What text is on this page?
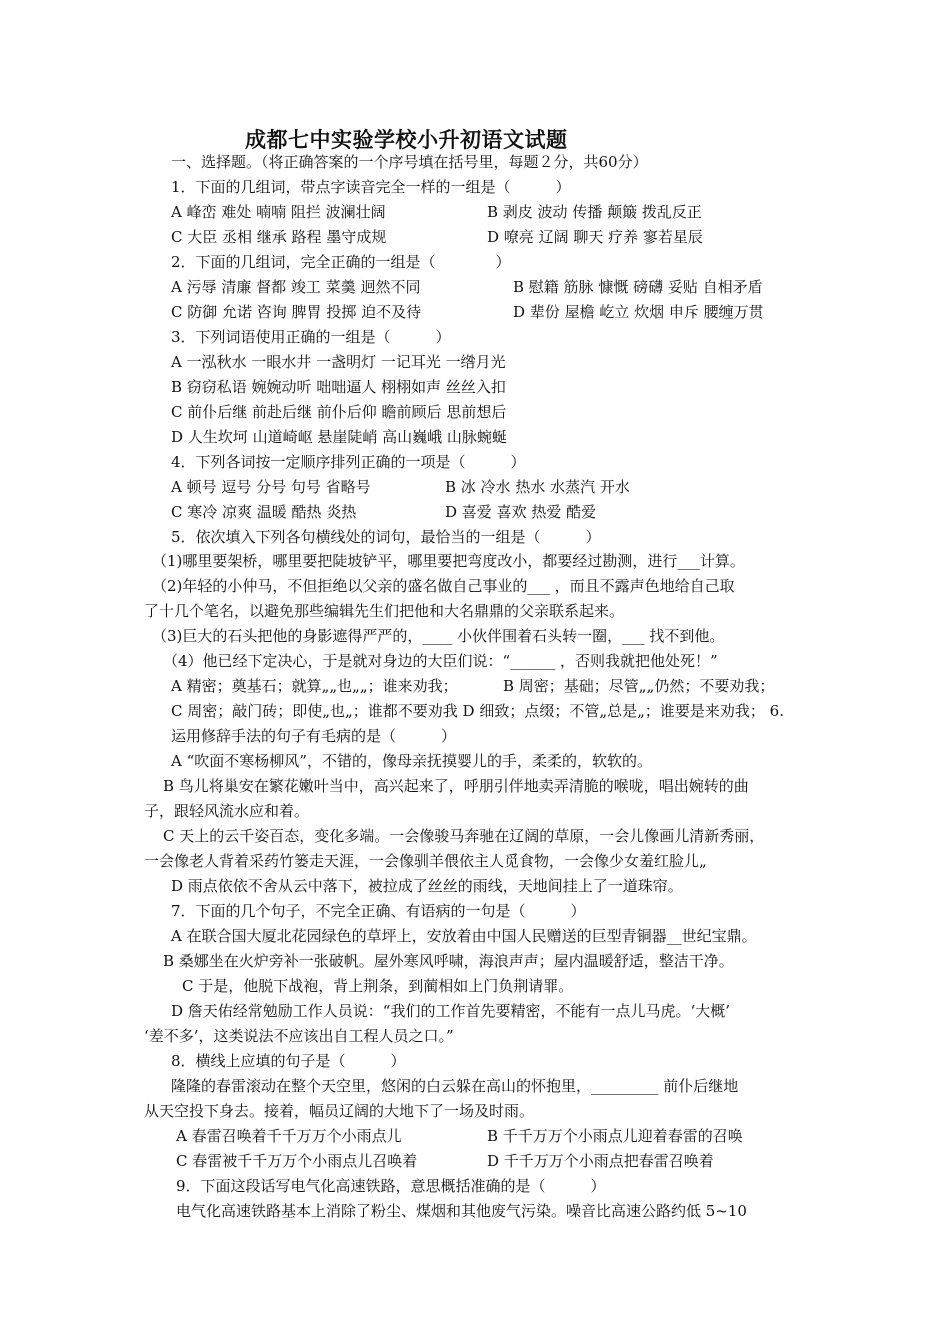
成都七中实验学校小升初语文试题
一、选择题。（将正确答案的一个序号填在括号里，每题２分，共60分）
1．下面的几组词，带点字读音完全一样的一组是（　　　）
A 峰峦 难处 喃喃 阻拦 波澜壮阔	B 剥皮 波动 传播 颠簸 拨乱反正
C 大臣 丞相 继承 路程 墨守成规	D 嘹亮 辽阔 聊天 疗养 寥若星辰
2．下面的几组词，完全正确的一组是（　　　　）
A 污辱 清廉 督都 竣工 菜羹 迥然不同	B 慰籍 筋脉 慷慨 磅礴 妥贴 自相矛盾
C 防御 允诺 咨询 脾胃 投掷 迫不及待	D 辈份 屋檐 屹立 炊烟 申斥 腰缠万贯
3．下列词语使用正确的一组是（　　　）
A 一泓秋水 一眼水井 一盏明灯 一记耳光 一绺月光
B 窃窃私语 婉婉动听 咄咄逼人 栩栩如声 丝丝入扣
C 前仆后继 前赴后继 前仆后仰 瞻前顾后 思前想后
D 人生坎坷 山道崎岖 悬崖陡峭 高山巍峨 山脉蜿蜒
4．下列各词按一定顺序排列正确的一项是（　　　）
A 顿号 逗号 分号 句号 省略号	B 冰 冷水 热水 水蒸汽 开水
C 寒冷 凉爽 温暖 酷热 炎热	D 喜爱 喜欢 热爱 酷爱
5．依次填入下列各句横线处的词句，最恰当的一组是（　　　）
（1)哪里要架桥，哪里要把陡坡铲平，哪里要把弯度改小，都要经过勘测，进行___计算。
（2)年轻的小仲马，不但拒绝以父亲的盛名做自己事业的___ ，而且不露声色地给自己取
了十几个笔名，以避免那些编辑先生们把他和大名鼎鼎的父亲联系起来。
（3)巨大的石头把他的身影遮得严严的，____ 小伙伴围着石头转一圈，___ 找不到他。
（4）他已经下定决心，于是就对身边的大臣们说：“______ ，否则我就把他处死！”
A 精密；奠基石；就算„„也„„；谁来劝我；	B 周密；基础；尽管„„仍然；不要劝我；
C 周密；敲门砖；即使„也„；谁都不要劝我 D 细致；点缀；不管„总是„；谁要是来劝我； 6.
运用修辞手法的句子有毛病的是（　　　）
A “吹面不寒杨柳风”，不错的，像母亲抚摸婴儿的手，柔柔的，软软的。
B 鸟儿将巢安在繁花嫩叶当中，高兴起来了，呼朋引伴地卖弄清脆的喉咙，唱出婉转的曲
子，跟轻风流水应和着。
C 天上的云千姿百态，变化多端。一会像骏马奔驰在辽阔的草原，一会儿像画儿清新秀丽，
一会像老人背着采药竹篓走天涯，一会像驯羊偎依主人觅食物，一会像少女羞红脸儿„
D 雨点依依不舍从云中落下，被拉成了丝丝的雨线，天地间挂上了一道珠帘。
7．下面的几个句子，不完全正确、有语病的一句是（　　　）
A 在联合国大厦北花园绿色的草坪上，安放着由中国人民赠送的巨型青铜器__世纪宝鼎。
B 桑娜坐在火炉旁补一张破帆。屋外寒风呼啸，海浪声声；屋内温暖舒适，整洁干净。
C 于是，他脱下战袍，背上荆条，到蔺相如上门负荆请罪。
D 詹天佑经常勉励工作人员说：“我们的工作首先要精密，不能有一点儿马虎。‘大概’
‘差不多’，这类说法不应该出自工程人员之口。”
8．横线上应填的句子是（　　　）
隆隆的春雷滚动在整个天空里，悠闲的白云躲在高山的怀抱里，_________ 前仆后继地
从天空投下身去。接着，幅员辽阔的大地下了一场及时雨。
A 春雷召唤着千千万万个小雨点儿	B 千千万万个小雨点儿迎着春雷的召唤
C 春雷被千千万万个小雨点儿召唤着	D 千千万万个小雨点把春雷召唤着
9．下面这段话写电气化高速铁路，意思概括准确的是（　　　）
电气化高速铁路基本上消除了粉尘、煤烟和其他废气污染。噪音比高速公路约低 5~10
